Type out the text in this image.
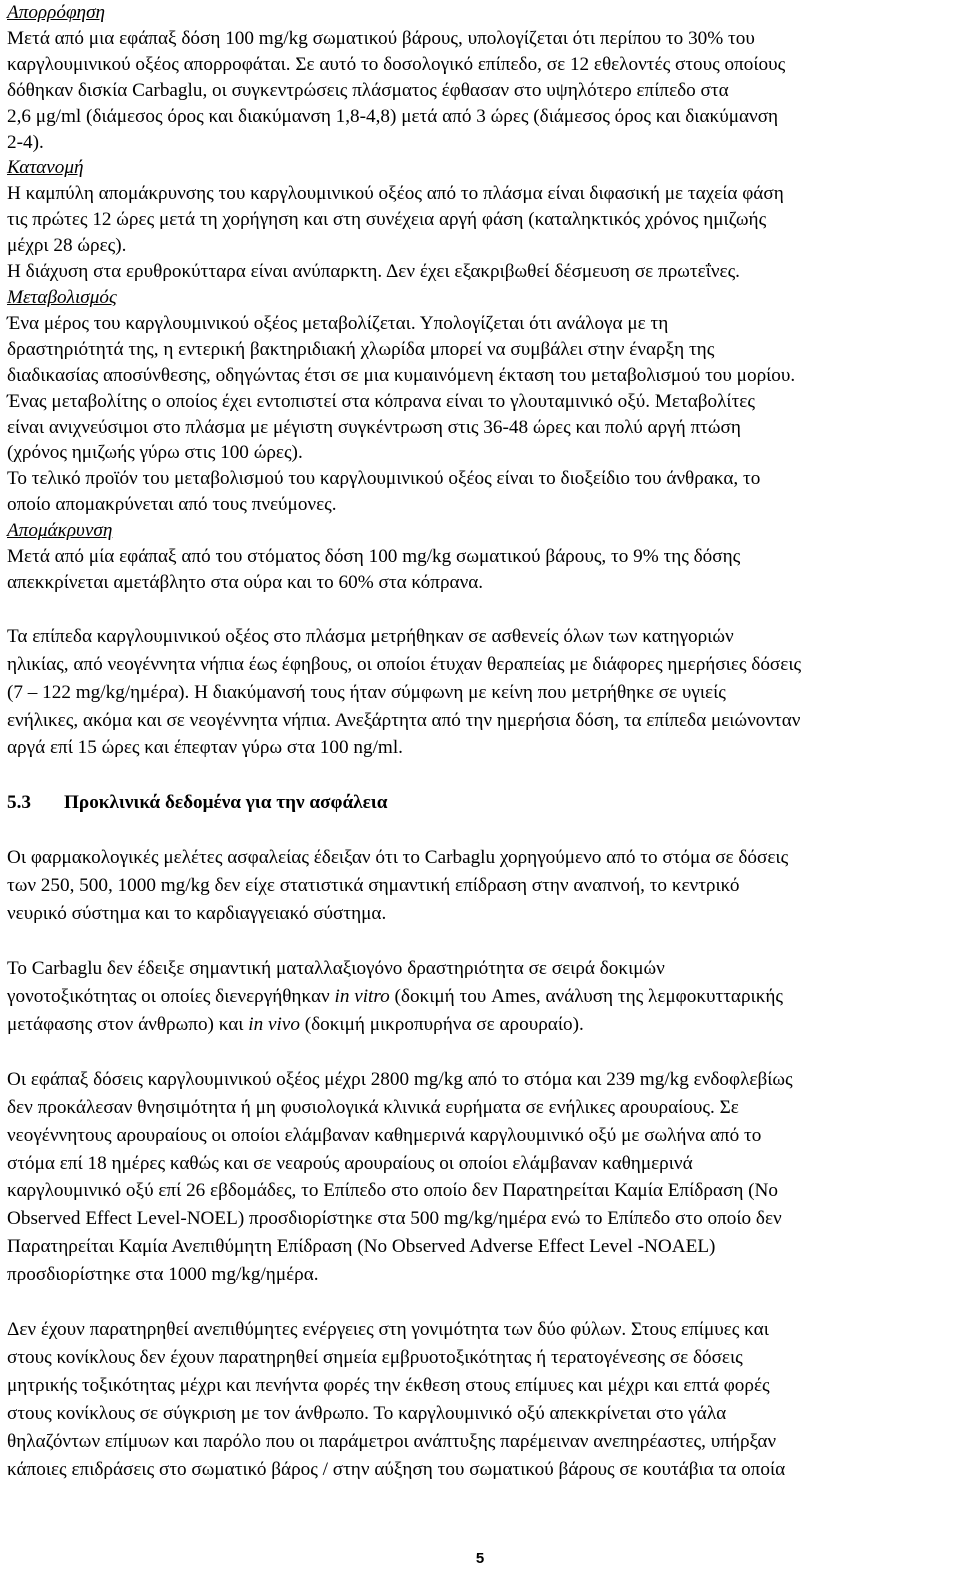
Απορρόφηση
Μετά από μια εφάπαξ δόση 100 mg/kg σωματικού βάρους, υπολογίζεται ότι περίπου το 30% του
καργλουμινικού οξέος απορροφάται. Σε αυτό το δοσολογικό επίπεδο, σε 12 εθελοντές στους οποίους
δόθηκαν δισκία Carbaglu, οι συγκεντρώσεις πλάσματος έφθασαν στο υψηλότερο επίπεδο στα
2,6 μg/ml (διάμεσος όρος και διακύμανση 1,8-4,8) μετά από 3 ώρες (διάμεσος όρος και διακύμανση
2-4).
Κατανομή
Η καμπύλη απομάκρυνσης του καργλουμινικού οξέος από το πλάσμα είναι διφασική με ταχεία φάση
τις πρώτες 12 ώρες μετά τη χορήγηση και στη συνέχεια αργή φάση (καταληκτικός χρόνος ημιζωής
μέχρι 28 ώρες).
Η διάχυση στα ερυθροκύτταρα είναι ανύπαρκτη. Δεν έχει εξακριβωθεί δέσμευση σε πρωτεΐνες.
Μεταβολισμός
Ένα μέρος του καργλουμινικού οξέος μεταβολίζεται. Υπολογίζεται ότι ανάλογα με τη
δραστηριότητά της, η εντερική βακτηριδιακή χλωρίδα μπορεί να συμβάλει στην έναρξη της
διαδικασίας αποσύνθεσης, οδηγώντας έτσι σε μια κυμαινόμενη έκταση του μεταβολισμού του μορίου.
Ένας μεταβολίτης ο οποίος έχει εντοπιστεί στα κόπρανα είναι το γλουταμινικό οξύ. Μεταβολίτες
είναι ανιχνεύσιμοι στο πλάσμα με μέγιστη συγκέντρωση στις 36-48 ώρες και πολύ αργή πτώση
(χρόνος ημιζωής γύρω στις 100 ώρες).
Το τελικό προϊόν του μεταβολισμού του καργλουμινικού οξέος είναι το διοξείδιο του άνθρακα, το
οποίο απομακρύνεται από τους πνεύμονες.
Απομάκρυνση
Μετά από μία εφάπαξ από του στόματος δόση 100 mg/kg σωματικού βάρους, το 9% της δόσης
απεκκρίνεται αμετάβλητο στα ούρα και το 60% στα κόπρανα.
Τα επίπεδα καργλουμινικού οξέος στο πλάσμα μετρήθηκαν σε ασθενείς όλων των κατηγοριών
ηλικίας, από νεογέννητα νήπια έως έφηβους, οι οποίοι έτυχαν θεραπείας με διάφορες ημερήσιες δόσεις
(7 – 122 mg/kg/ημέρα). Η διακύμανσή τους ήταν σύμφωνη με κείνη που μετρήθηκε σε υγιείς
ενήλικες, ακόμα και σε νεογέννητα νήπια. Ανεξάρτητα από την ημερήσια δόση, τα επίπεδα μειώνονταν
αργά επί 15 ώρες και έπεφταν γύρω στα 100 ng/ml.
5.3 Προκλινικά δεδομένα για την ασφάλεια
Οι φαρμακολογικές μελέτες ασφαλείας έδειξαν ότι το Carbaglu χορηγούμενο από το στόμα σε δόσεις
των 250, 500, 1000 mg/kg δεν είχε στατιστικά σημαντική επίδραση στην αναπνοή, το κεντρικό
νευρικό σύστημα και το καρδιαγγειακό σύστημα.
Το Carbaglu δεν έδειξε σημαντική ματαλλαξιογόνο δραστηριότητα σε σειρά δοκιμών
γονοτοξικότητας οι οποίες διενεργήθηκαν in vitro (δοκιμή του Ames, ανάλυση της λεμφοκυτταρικής
μετάφασης στον άνθρωπο) και in vivo (δοκιμή μικροπυρήνα σε αρουραίο).
Οι εφάπαξ δόσεις καργλουμινικού οξέος μέχρι 2800 mg/kg από το στόμα και 239 mg/kg ενδοφλεβίως
δεν προκάλεσαν θνησιμότητα ή μη φυσιολογικά κλινικά ευρήματα σε ενήλικες αρουραίους. Σε
νεογέννητους αρουραίους οι οποίοι ελάμβαναν καθημερινά καργλουμινικό οξύ με σωλήνα από το
στόμα επί 18 ημέρες καθώς και σε νεαρούς αρουραίους οι οποίοι ελάμβαναν καθημερινά
καργλουμινικό οξύ επί 26 εβδομάδες, το Επίπεδο στο οποίο δεν Παρατηρείται Καμία Επίδραση (No
Observed Effect Level-NOEL) προσδιορίστηκε στα 500 mg/kg/ημέρα ενώ το Επίπεδο στο οποίο δεν
Παρατηρείται Καμία Ανεπιθύμητη Επίδραση (No Observed Adverse Effect Level -NOAEL)
προσδιορίστηκε στα 1000 mg/kg/ημέρα.
Δεν έχουν παρατηρηθεί ανεπιθύμητες ενέργειες στη γονιμότητα των δύο φύλων. Στους επίμυες και
στους κονίκλους δεν έχουν παρατηρηθεί σημεία εμβρυοτοξικότητας ή τερατογένεσης σε δόσεις
μητρικής τοξικότητας μέχρι και πενήντα φορές την έκθεση στους επίμυες και μέχρι και επτά φορές
στους κονίκλους σε σύγκριση με τον άνθρωπο. Το καργλουμινικό οξύ απεκκρίνεται στο γάλα
θηλαζόντων επίμυων και παρόλο που οι παράμετροι ανάπτυξης παρέμειναν ανεπηρέαστες, υπήρξαν
κάποιες επιδράσεις στο σωματικό βάρος / στην αύξηση του σωματικού βάρους σε κουτάβια τα οποία
5
